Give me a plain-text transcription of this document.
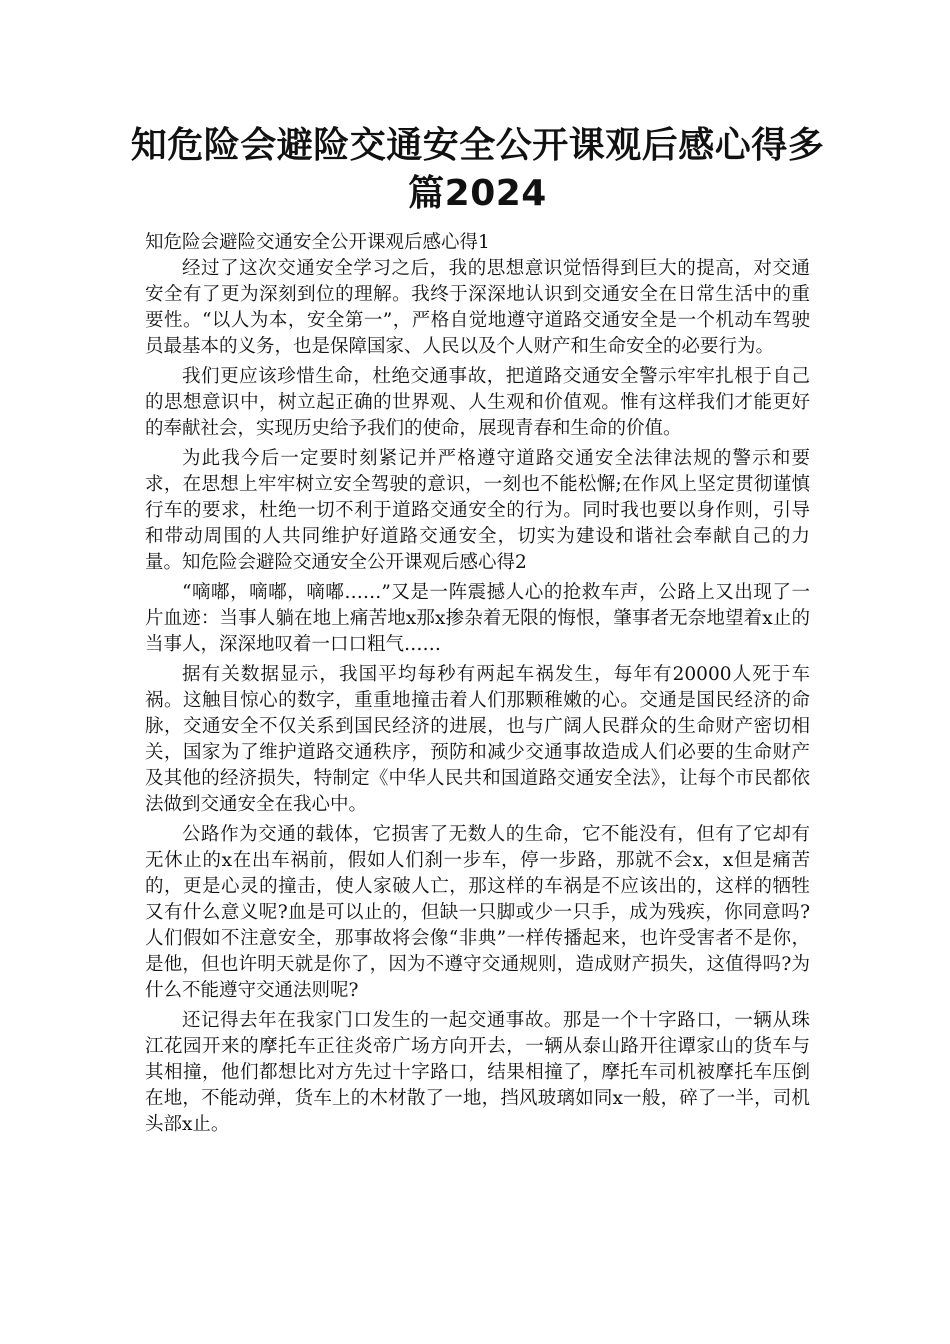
知危险会避险交通安全公开课观后感心得多篇2024

知危险会避险交通安全公开课观后感心得1

经过了这次交通安全学习之后，我的思想意识觉悟得到巨大的提高，对交通安全有了更为深刻到位的理解。我终于深深地认识到交通安全在日常生活中的重要性。“以人为本，安全第一”，严格自觉地遵守道路交通安全是一个机动车驾驶员最基本的义务，也是保障国家、人民以及个人财产和生命安全的必要行为。

我们更应该珍惜生命，杜绝交通事故，把道路交通安全警示牢牢扎根于自己的思想意识中，树立起正确的世界观、人生观和价值观。惟有这样我们才能更好的奉献社会，实现历史给予我们的使命，展现青春和生命的价值。

为此我今后一定要时刻紧记并严格遵守道路交通安全法律法规的警示和要求，在思想上牢牢树立安全驾驶的意识，一刻也不能松懈;在作风上坚定贯彻谨慎行车的要求，杜绝一切不利于道路交通安全的行为。同时我也要以身作则，引导和带动周围的人共同维护好道路交通安全，切实为建设和谐社会奉献自己的力量。知危险会避险交通安全公开课观后感心得2

“嘀嘟，嘀嘟，嘀嘟……”又是一阵震撼人心的抢救车声，公路上又出现了一片血迹：当事人躺在地上痛苦地x那x掺杂着无限的悔恨，肇事者无奈地望着x止的当事人，深深地叹着一口口粗气……

据有关数据显示，我国平均每秒有两起车祸发生，每年有20000人死于车祸。这触目惊心的数字，重重地撞击着人们那颗稚嫩的心。交通是国民经济的命脉，交通安全不仅关系到国民经济的进展，也与广阔人民群众的生命财产密切相关，国家为了维护道路交通秩序，预防和减少交通事故造成人们必要的生命财产及其他的经济损失，特制定《中华人民共和国道路交通安全法》，让每个市民都依法做到交通安全在我心中。

公路作为交通的载体，它损害了无数人的生命，它不能没有，但有了它却有无休止的x在出车祸前，假如人们刹一步车，停一步路，那就不会x，x但是痛苦的，更是心灵的撞击，使人家破人亡，那这样的车祸是不应该出的，这样的牺牲又有什么意义呢?血是可以止的，但缺一只脚或少一只手，成为残疾，你同意吗?人们假如不注意安全，那事故将会像“非典”一样传播起来，也许受害者不是你，是他，但也许明天就是你了，因为不遵守交通规则，造成财产损失，这值得吗?为什么不能遵守交通法则呢?

还记得去年在我家门口发生的一起交通事故。那是一个十字路口，一辆从珠江花园开来的摩托车正往炎帝广场方向开去，一辆从泰山路开往谭家山的货车与其相撞，他们都想比对方先过十字路口，结果相撞了，摩托车司机被摩托车压倒在地，不能动弹，货车上的木材散了一地，挡风玻璃如同x一般，碎了一半，司机头部x止。
